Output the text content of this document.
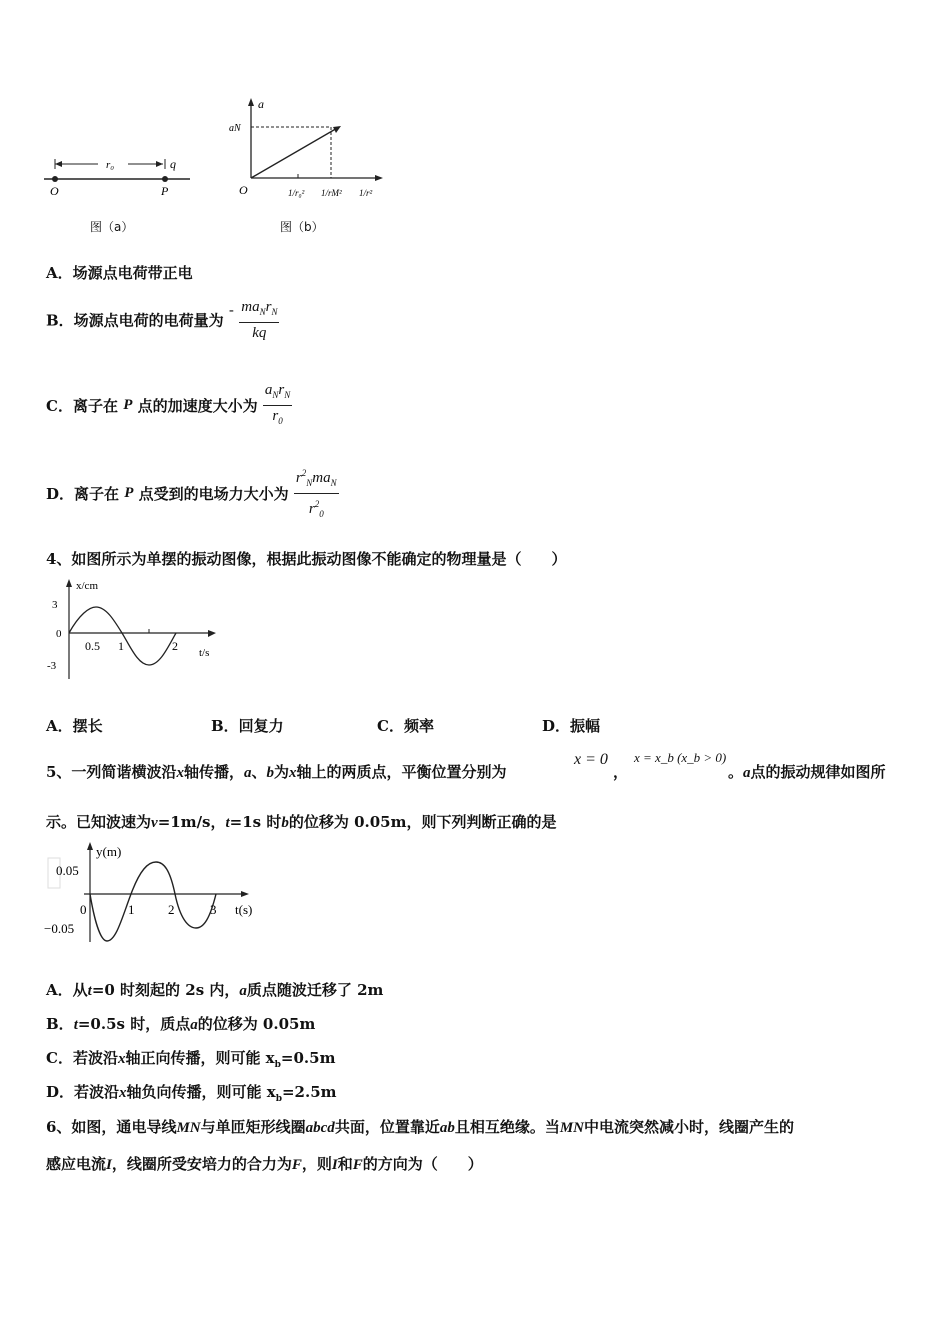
r₀	q
O	P
图（a）
a
aN
O	1/r₀² 1/rM² 1/r²
图（b）
A．场源点电荷带正电
B．场源点电荷的电荷量为 - $\frac{ma_Nr_N}{kq}$
C．离子在 P 点的加速度大小为 $\frac{a_Nr_N}{r_0}$
D．离子在 P 点受到的电场力大小为 $\frac{r^2_Nma_N}{r^2_0}$
4、如图所示为单摆的振动图像，根据此振动图像不能确定的物理量是（　　）
x/cm
3
0
-3
0.5 1	2 t/s
A．摆长	B．回复力	C．频率	D．振幅
5、一列简谐横波沿x轴传播，a、b为x轴上的两质点，平衡位置分别为
x = 0
，
x = x_b (x_b > 0)
。a点的振动规律如图所
示。已知波速为v=1m/s，t=1s 时b的位移为 0.05m，则下列判断正确的是
y(m)
0.05
−0.05
0	1	2	3 t(s)
A．从t=0 时刻起的 2s 内，a质点随波迁移了 2m
B．t=0.5s 时，质点a的位移为 0.05m
C．若波沿x轴正向传播，则可能 $x_b=0.5m$
D．若波沿x轴负向传播，则可能 $x_b=2.5m$
6、如图，通电导线MN与单匝矩形线圈abcd共面，位置靠近ab且相互绝缘。当MN中电流突然减小时，线圈产生的
感应电流I，线圈所受安培力的合力为F，则I和F的方向为（　　）
